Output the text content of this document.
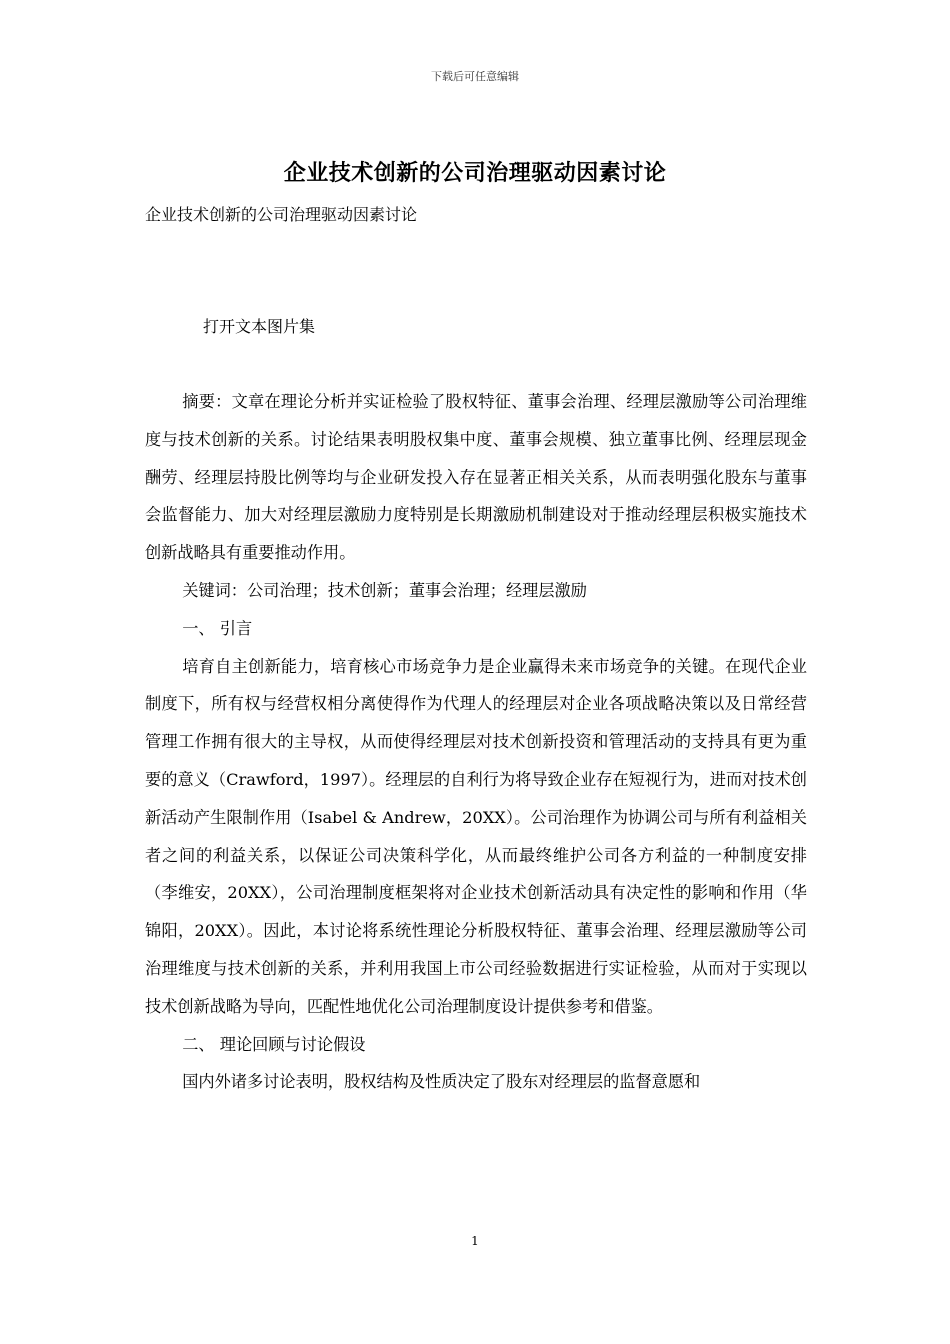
下载后可任意编辑
企业技术创新的公司治理驱动因素讨论
企业技术创新的公司治理驱动因素讨论
打开文本图片集

摘要：文章在理论分析并实证检验了股权特征、董事会治理、经理层激励等公司治理维度与技术创新的关系。讨论结果表明股权集中度、董事会规模、独立董事比例、经理层现金酬劳、经理层持股比例等均与企业研发投入存在显著正相关关系，从而表明强化股东与董事会监督能力、加大对经理层激励力度特别是长期激励机制建设对于推动经理层积极实施技术创新战略具有重要推动作用。

关键词：公司治理；技术创新；董事会治理；经理层激励

一、 引言

培育自主创新能力，培育核心市场竞争力是企业赢得未来市场竞争的关键。在现代企业制度下，所有权与经营权相分离使得作为代理人的经理层对企业各项战略决策以及日常经营管理工作拥有很大的主导权，从而使得经理层对技术创新投资和管理活动的支持具有更为重要的意义（Crawford，1997）。经理层的自利行为将导致企业存在短视行为，进而对技术创新活动产生限制作用（Isabel & Andrew，20XX）。公司治理作为协调公司与所有利益相关者之间的利益关系，以保证公司决策科学化，从而最终维护公司各方利益的一种制度安排（李维安，20XX），公司治理制度框架将对企业技术创新活动具有决定性的影响和作用（华锦阳，20XX）。因此，本讨论将系统性理论分析股权特征、董事会治理、经理层激励等公司治理维度与技术创新的关系，并利用我国上市公司经验数据进行实证检验，从而对于实现以技术创新战略为导向，匹配性地优化公司治理制度设计提供参考和借鉴。

二、 理论回顾与讨论假设

国内外诸多讨论表明，股权结构及性质决定了股东对经理层的监督意愿和

1
